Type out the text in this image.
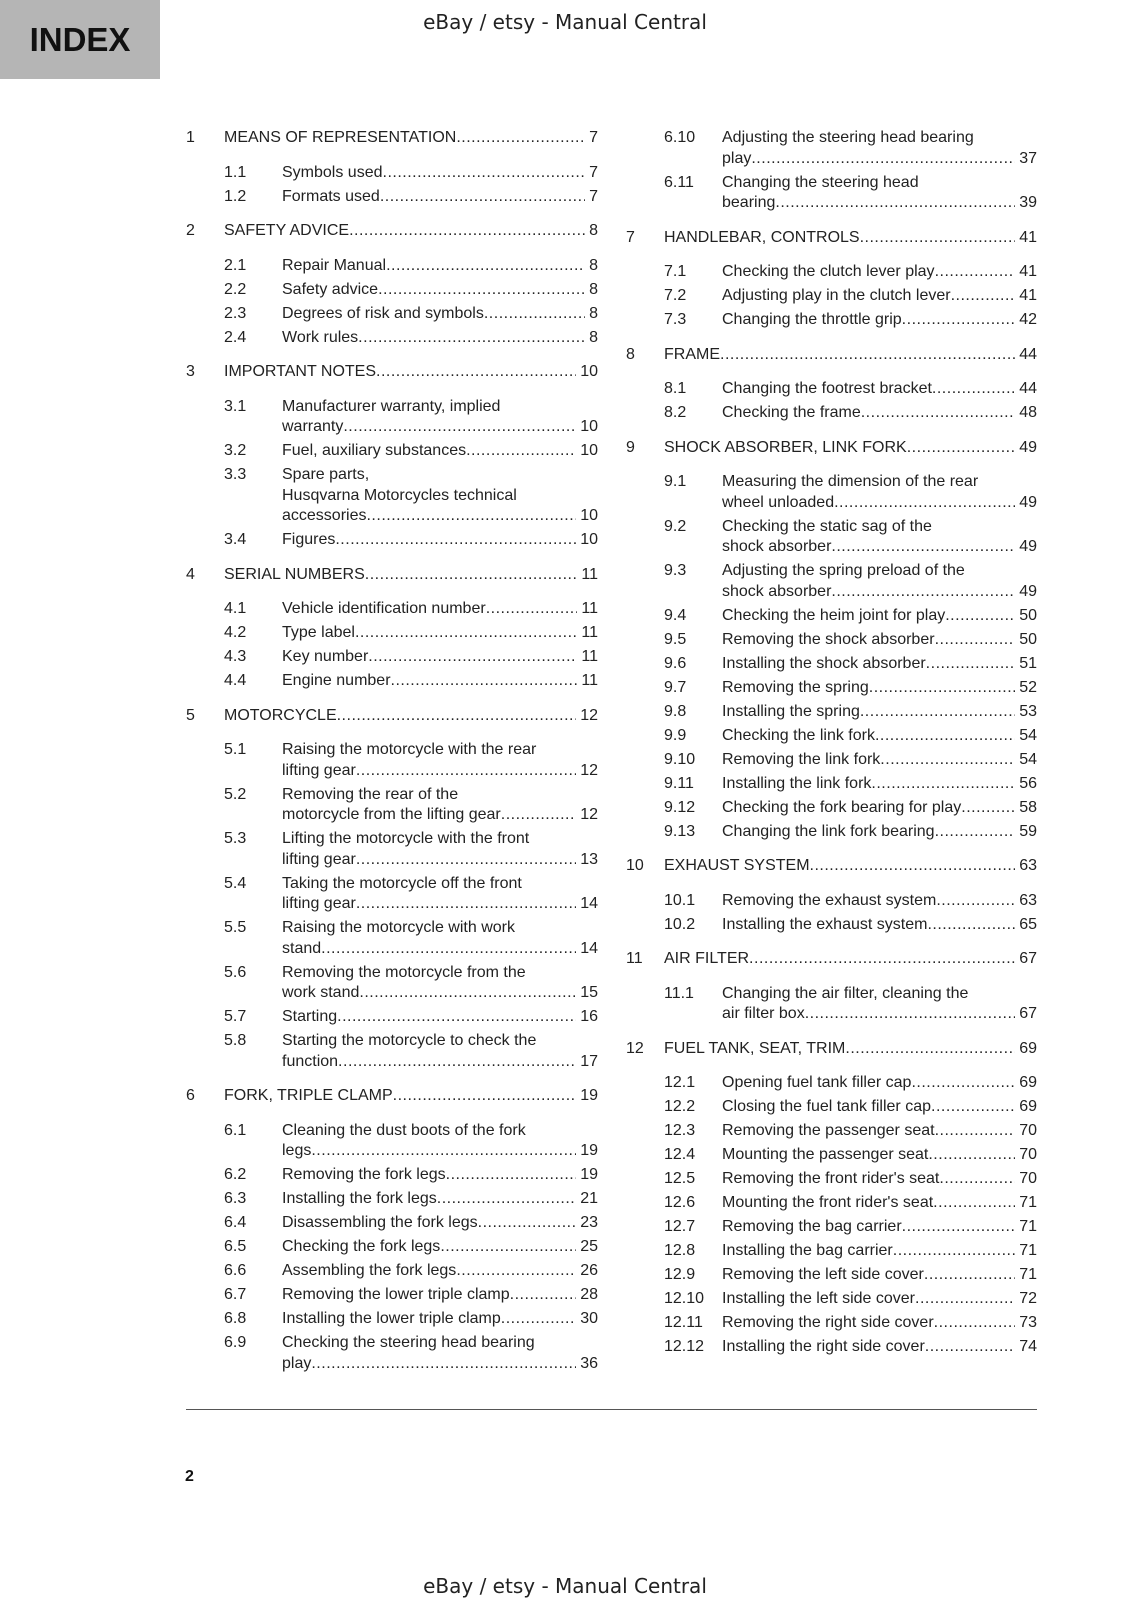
INDEX	eBay / etsy - Manual Central
1	MEANS OF REPRESENTATION .....	7
1.1	Symbols used .....	7
1.2	Formats used .....	7
2	SAFETY ADVICE .....	8
2.1	Repair Manual .....	8
2.2	Safety advice .....	8
2.3	Degrees of risk and symbols .....	8
2.4	Work rules .....	8
3	IMPORTANT NOTES .....	10
3.1	Manufacturer warranty, implied
warranty .....	10
3.2	Fuel, auxiliary substances .....	10
3.3	Spare parts,
Husqvarna Motorcycles technical
accessories .....	10
3.4	Figures .....	10
4	SERIAL NUMBERS .....	11
4.1	Vehicle identification number .....	11
4.2	Type label .....	11
4.3	Key number .....	11
4.4	Engine number .....	11
5	MOTORCYCLE .....	12
5.1	Raising the motorcycle with the rear
lifting gear .....	12
5.2	Removing the rear of the
motorcycle from the lifting gear .....	12
5.3	Lifting the motorcycle with the front
lifting gear .....	13
5.4	Taking the motorcycle off the front
lifting gear .....	14
5.5	Raising the motorcycle with work
stand .....	14
5.6	Removing the motorcycle from the
work stand .....	15
5.7	Starting .....	16
5.8	Starting the motorcycle to check the
function .....	17
6	FORK, TRIPLE CLAMP .....	19
6.1	Cleaning the dust boots of the fork
legs .....	19
6.2	Removing the fork legs .....	19
6.3	Installing the fork legs .....	21
6.4	Disassembling the fork legs .....	23
6.5	Checking the fork legs .....	25
6.6	Assembling the fork legs .....	26
6.7	Removing the lower triple clamp .....	28
6.8	Installing the lower triple clamp .....	30
6.9	Checking the steering head bearing
play .....	36
6.10	Adjusting the steering head bearing
play .....	37
6.11	Changing the steering head
bearing .....	39
7	HANDLEBAR, CONTROLS .....	41
7.1	Checking the clutch lever play .....	41
7.2	Adjusting play in the clutch lever .....	41
7.3	Changing the throttle grip .....	42
8	FRAME .....	44
8.1	Changing the footrest bracket .....	44
8.2	Checking the frame .....	48
9	SHOCK ABSORBER, LINK FORK .....	49
9.1	Measuring the dimension of the rear
wheel unloaded .....	49
9.2	Checking the static sag of the
shock absorber .....	49
9.3	Adjusting the spring preload of the
shock absorber .....	49
9.4	Checking the heim joint for play .....	50
9.5	Removing the shock absorber .....	50
9.6	Installing the shock absorber .....	51
9.7	Removing the spring .....	52
9.8	Installing the spring .....	53
9.9	Checking the link fork .....	54
9.10	Removing the link fork .....	54
9.11	Installing the link fork .....	56
9.12	Checking the fork bearing for play .....	58
9.13	Changing the link fork bearing .....	59
10	EXHAUST SYSTEM .....	63
10.1	Removing the exhaust system .....	63
10.2	Installing the exhaust system .....	65
11	AIR FILTER .....	67
11.1	Changing the air filter, cleaning the
air filter box .....	67
12	FUEL TANK, SEAT, TRIM .....	69
12.1	Opening fuel tank filler cap .....	69
12.2	Closing the fuel tank filler cap .....	69
12.3	Removing the passenger seat .....	70
12.4	Mounting the passenger seat .....	70
12.5	Removing the front rider's seat .....	70
12.6	Mounting the front rider's seat .....	71
12.7	Removing the bag carrier .....	71
12.8	Installing the bag carrier .....	71
12.9	Removing the left side cover .....	71
12.10	Installing the left side cover .....	72
12.11	Removing the right side cover .....	73
12.12	Installing the right side cover .....	74
2
eBay / etsy - Manual Central
